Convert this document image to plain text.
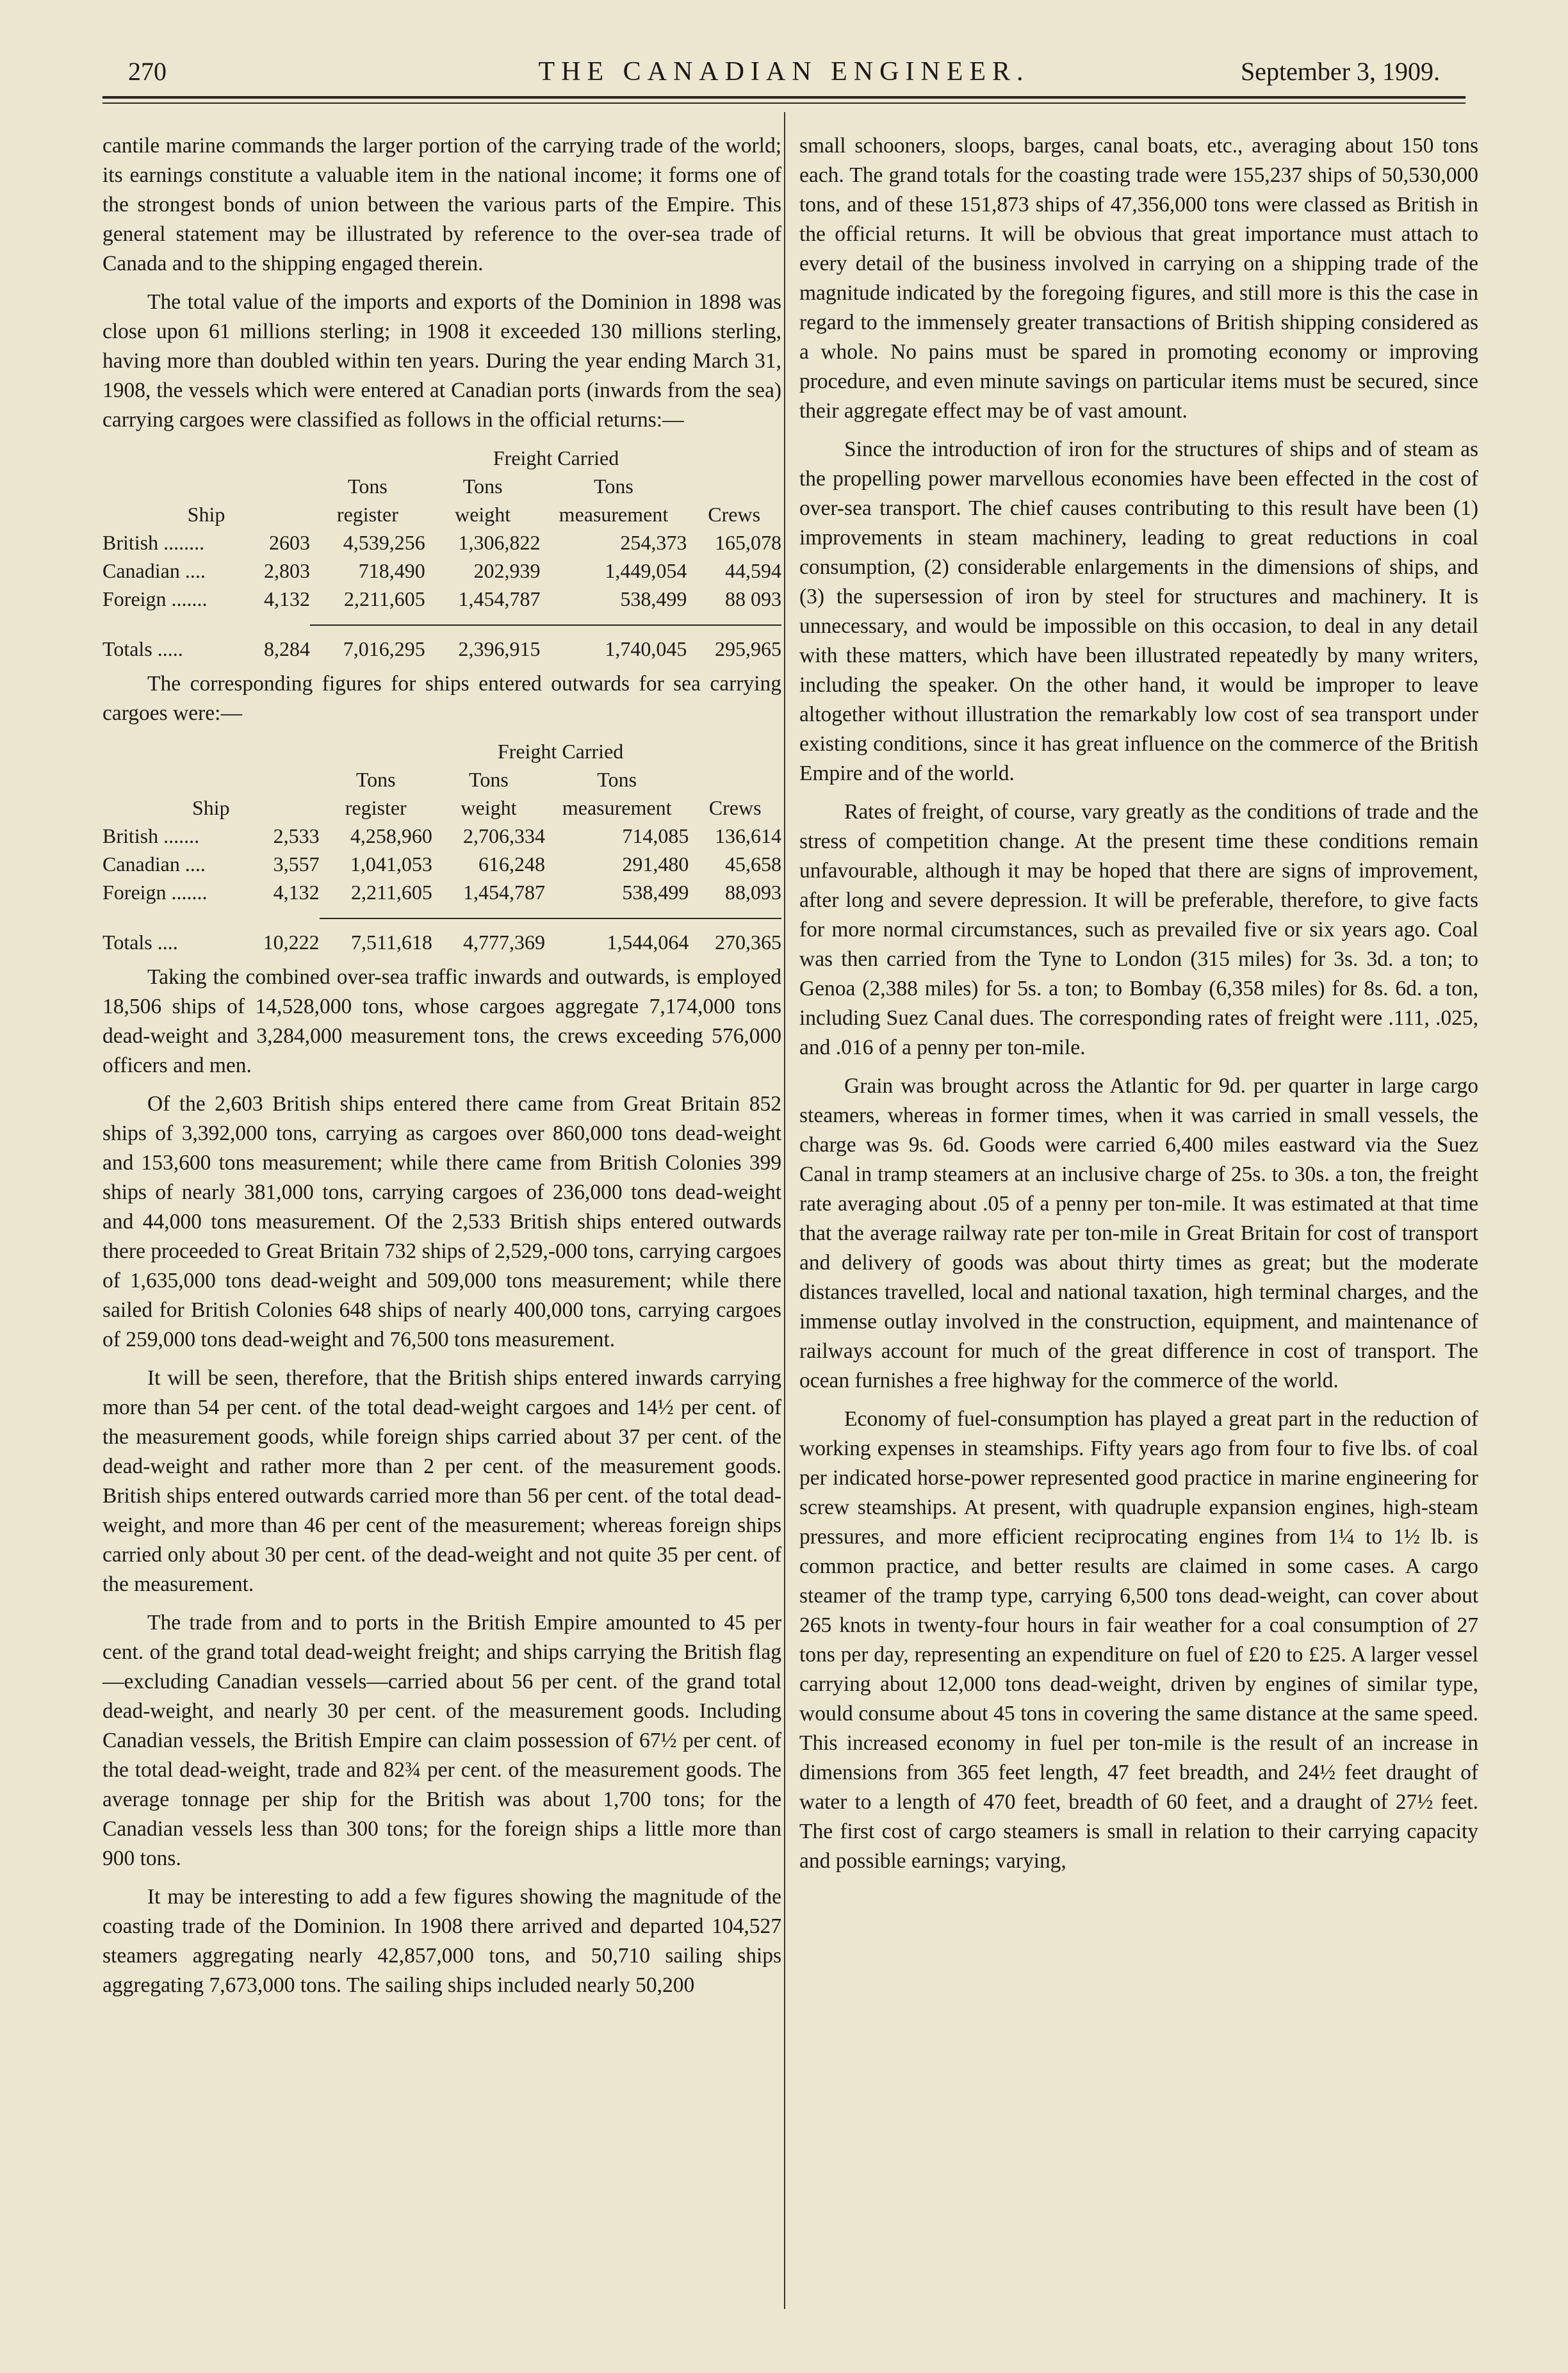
270	THE CANADIAN ENGINEER.	September 3, 1909.

cantile marine commands the larger portion of the carrying trade of the world; its earnings constitute a valuable item in the national income; it forms one of the strongest bonds of union between the various parts of the Empire. This general statement may be illustrated by reference to the over-sea trade of Canada and to the shipping engaged therein.

The total value of the imports and exports of the Dominion in 1898 was close upon 61 millions sterling; in 1908 it exceeded 130 millions sterling, having more than doubled within ten years. During the year ending March 31, 1908, the vessels which were entered at Canadian ports (inwards from the sea) carrying cargoes were classified as follows in the official returns:—

			Freight Carried		
		Tons	Tons	Tons	
Ship		register	weight	measurement	Crews
British ........	2603	4,539,256	1,306,822	254,373	165,078
Canadian ....	2,803	718,490	202,939	1,449,054	44,594
Foreign .......	4,132	2,211,605	1,454,787	538,499	88 093

Totals .....	8,284	7,016,295	2,396,915	1,740,045	295,965

The corresponding figures for ships entered outwards for sea carrying cargoes were:—

			Freight Carried		
		Tons	Tons	Tons	
Ship		register	weight	measurement	Crews
British .......	2,533	4,258,960	2,706,334	714,085	136,614
Canadian ....	3,557	1,041,053	616,248	291,480	45,658
Foreign .......	4,132	2,211,605	1,454,787	538,499	88,093

Totals ....	10,222	7,511,618	4,777,369	1,544,064	270,365

Taking the combined over-sea traffic inwards and outwards, is employed 18,506 ships of 14,528,000 tons, whose cargoes aggregate 7,174,000 tons dead-weight and 3,284,000 measurement tons, the crews exceeding 576,000 officers and men.

Of the 2,603 British ships entered there came from Great Britain 852 ships of 3,392,000 tons, carrying as cargoes over 860,000 tons dead-weight and 153,600 tons measurement; while there came from British Colonies 399 ships of nearly 381,000 tons, carrying cargoes of 236,000 tons dead-weight and 44,000 tons measurement. Of the 2,533 British ships entered outwards there proceeded to Great Britain 732 ships of 2,529,-000 tons, carrying cargoes of 1,635,000 tons dead-weight and 509,000 tons measurement; while there sailed for British Colonies 648 ships of nearly 400,000 tons, carrying cargoes of 259,000 tons dead-weight and 76,500 tons measurement.

It will be seen, therefore, that the British ships entered inwards carrying more than 54 per cent. of the total dead-weight cargoes and 14½ per cent. of the measurement goods, while foreign ships carried about 37 per cent. of the dead-weight and rather more than 2 per cent. of the measurement goods. British ships entered outwards carried more than 56 per cent. of the total dead-weight, and more than 46 per cent of the measurement; whereas foreign ships carried only about 30 per cent. of the dead-weight and not quite 35 per cent. of the measurement.

The trade from and to ports in the British Empire amounted to 45 per cent. of the grand total dead-weight freight; and ships carrying the British flag—excluding Canadian vessels—carried about 56 per cent. of the grand total dead-weight, and nearly 30 per cent. of the measurement goods. Including Canadian vessels, the British Empire can claim possession of 67½ per cent. of the total dead-weight, trade and 82¾ per cent. of the measurement goods. The average tonnage per ship for the British was about 1,700 tons; for the Canadian vessels less than 300 tons; for the foreign ships a little more than 900 tons.

It may be interesting to add a few figures showing the magnitude of the coasting trade of the Dominion. In 1908 there arrived and departed 104,527 steamers aggregating nearly 42,857,000 tons, and 50,710 sailing ships aggregating 7,673,000 tons. The sailing ships included nearly 50,200

small schooners, sloops, barges, canal boats, etc., averaging about 150 tons each. The grand totals for the coasting trade were 155,237 ships of 50,530,000 tons, and of these 151,873 ships of 47,356,000 tons were classed as British in the official returns. It will be obvious that great importance must attach to every detail of the business involved in carrying on a shipping trade of the magnitude indicated by the foregoing figures, and still more is this the case in regard to the immensely greater transactions of British shipping considered as a whole. No pains must be spared in promoting economy or improving procedure, and even minute savings on particular items must be secured, since their aggregate effect may be of vast amount.

Since the introduction of iron for the structures of ships and of steam as the propelling power marvellous economies have been effected in the cost of over-sea transport. The chief causes contributing to this result have been (1) improvements in steam machinery, leading to great reductions in coal consumption, (2) considerable enlargements in the dimensions of ships, and (3) the supersession of iron by steel for structures and machinery. It is unnecessary, and would be impossible on this occasion, to deal in any detail with these matters, which have been illustrated repeatedly by many writers, including the speaker. On the other hand, it would be improper to leave altogether without illustration the remarkably low cost of sea transport under existing conditions, since it has great influence on the commerce of the British Empire and of the world.

Rates of freight, of course, vary greatly as the conditions of trade and the stress of competition change. At the present time these conditions remain unfavourable, although it may be hoped that there are signs of improvement, after long and severe depression. It will be preferable, therefore, to give facts for more normal circumstances, such as prevailed five or six years ago. Coal was then carried from the Tyne to London (315 miles) for 3s. 3d. a ton; to Genoa (2,388 miles) for 5s. a ton; to Bombay (6,358 miles) for 8s. 6d. a ton, including Suez Canal dues. The corresponding rates of freight were .111, .025, and .016 of a penny per ton-mile.

Grain was brought across the Atlantic for 9d. per quarter in large cargo steamers, whereas in former times, when it was carried in small vessels, the charge was 9s. 6d. Goods were carried 6,400 miles eastward via the Suez Canal in tramp steamers at an inclusive charge of 25s. to 30s. a ton, the freight rate averaging about .05 of a penny per ton-mile. It was estimated at that time that the average railway rate per ton-mile in Great Britain for cost of transport and delivery of goods was about thirty times as great; but the moderate distances travelled, local and national taxation, high terminal charges, and the immense outlay involved in the construction, equipment, and maintenance of railways account for much of the great difference in cost of transport. The ocean furnishes a free highway for the commerce of the world.

Economy of fuel-consumption has played a great part in the reduction of working expenses in steamships. Fifty years ago from four to five lbs. of coal per indicated horse-power represented good practice in marine engineering for screw steamships. At present, with quadruple expansion engines, high-steam pressures, and more efficient reciprocating engines from 1¼ to 1½ lb. is common practice, and better results are claimed in some cases. A cargo steamer of the tramp type, carrying 6,500 tons dead-weight, can cover about 265 knots in twenty-four hours in fair weather for a coal consumption of 27 tons per day, representing an expenditure on fuel of £20 to £25. A larger vessel carrying about 12,000 tons dead-weight, driven by engines of similar type, would consume about 45 tons in covering the same distance at the same speed. This increased economy in fuel per ton-mile is the result of an increase in dimensions from 365 feet length, 47 feet breadth, and 24½ feet draught of water to a length of 470 feet, breadth of 60 feet, and a draught of 27½ feet. The first cost of cargo steamers is small in relation to their carrying capacity and possible earnings; varying,
